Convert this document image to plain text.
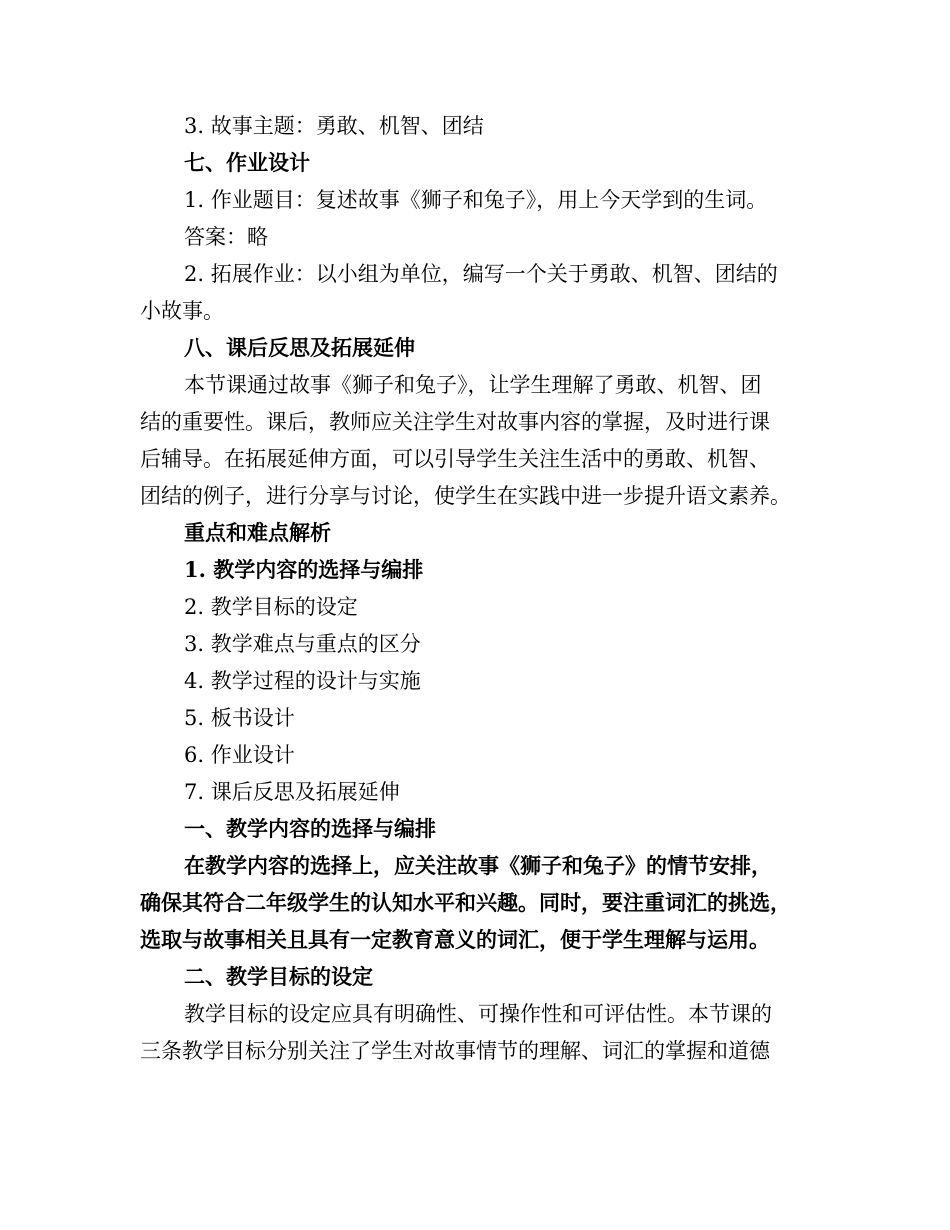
3. 故事主题：勇敢、机智、团结
七、作业设计
1. 作业题目：复述故事《狮子和兔子》，用上今天学到的生词。
答案：略
2. 拓展作业：以小组为单位，编写一个关于勇敢、机智、团结的
小故事。
八、课后反思及拓展延伸
本节课通过故事《狮子和兔子》，让学生理解了勇敢、机智、团
结的重要性。课后，教师应关注学生对故事内容的掌握，及时进行课
后辅导。在拓展延伸方面，可以引导学生关注生活中的勇敢、机智、
团结的例子，进行分享与讨论，使学生在实践中进一步提升语文素养。
重点和难点解析
1. 教学内容的选择与编排
2. 教学目标的设定
3. 教学难点与重点的区分
4. 教学过程的设计与实施
5. 板书设计
6. 作业设计
7. 课后反思及拓展延伸
一、教学内容的选择与编排
在教学内容的选择上，应关注故事《狮子和兔子》的情节安排，
确保其符合二年级学生的认知水平和兴趣。同时，要注重词汇的挑选，
选取与故事相关且具有一定教育意义的词汇，便于学生理解与运用。
二、教学目标的设定
教学目标的设定应具有明确性、可操作性和可评估性。本节课的
三条教学目标分别关注了学生对故事情节的理解、词汇的掌握和道德
